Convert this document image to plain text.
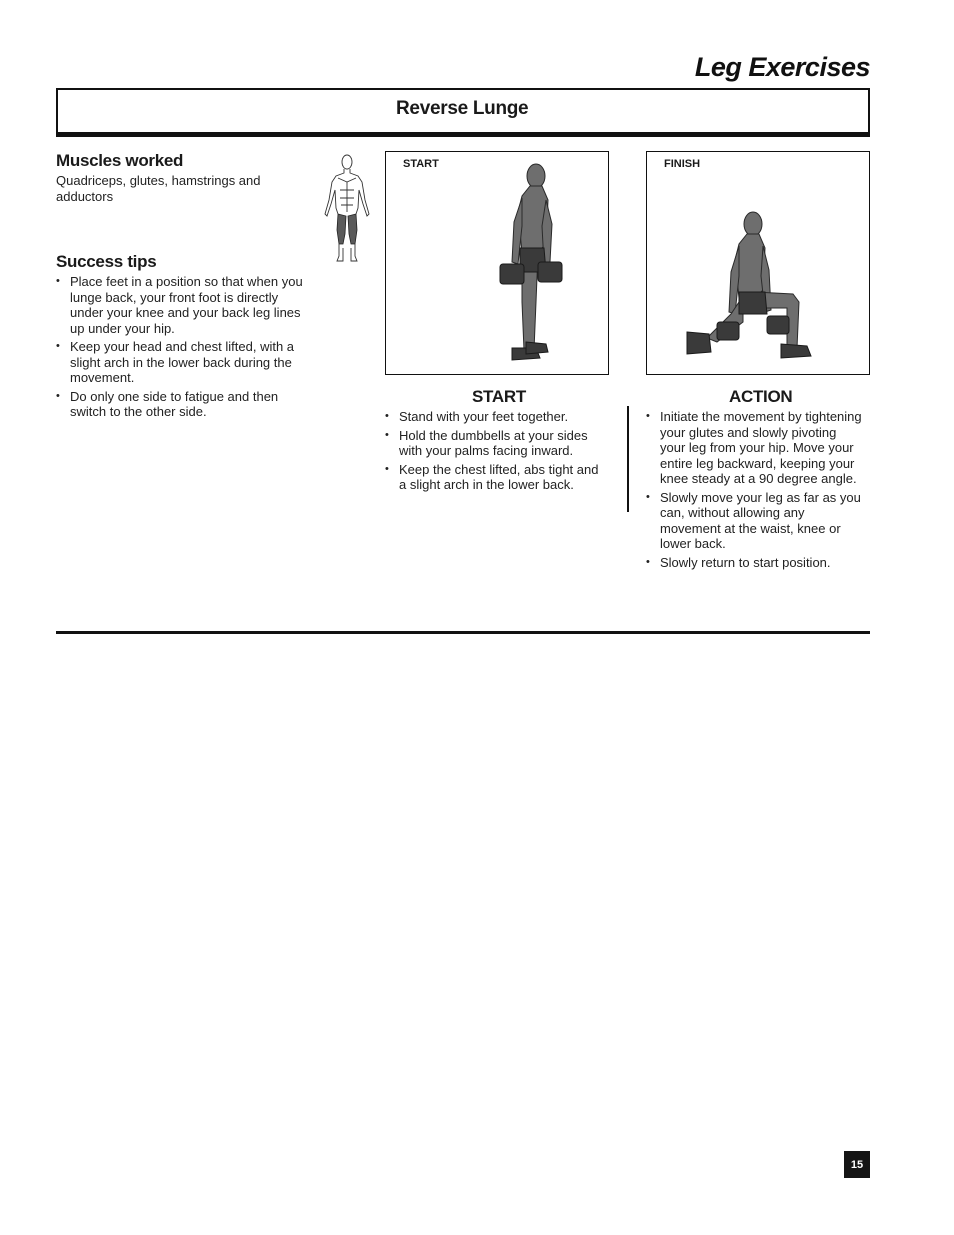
Leg Exercises
Reverse Lunge
Muscles worked

Quadriceps, glutes, hamstrings and adductors

Success tips
• Place feet in a position so that when you lunge back, your front foot is directly under your knee and your back leg lines up under your hip.
• Keep your head and chest lifted, with a slight arch in the lower back during the movement.
• Do only one side to fatigue and then switch to the other side.
START	FINISH
START
• Stand with your feet together.
• Hold the dumbbells at your sides with your palms facing inward.
• Keep the chest lifted, abs tight and a slight arch in the lower back.
ACTION
• Initiate the movement by tightening your glutes and slowly pivoting your leg from your hip. Move your entire leg backward, keeping your knee steady at a 90 degree angle.
• Slowly move your leg as far as you can, without allowing any movement at the waist, knee or lower back.
• Slowly return to start position.
15
